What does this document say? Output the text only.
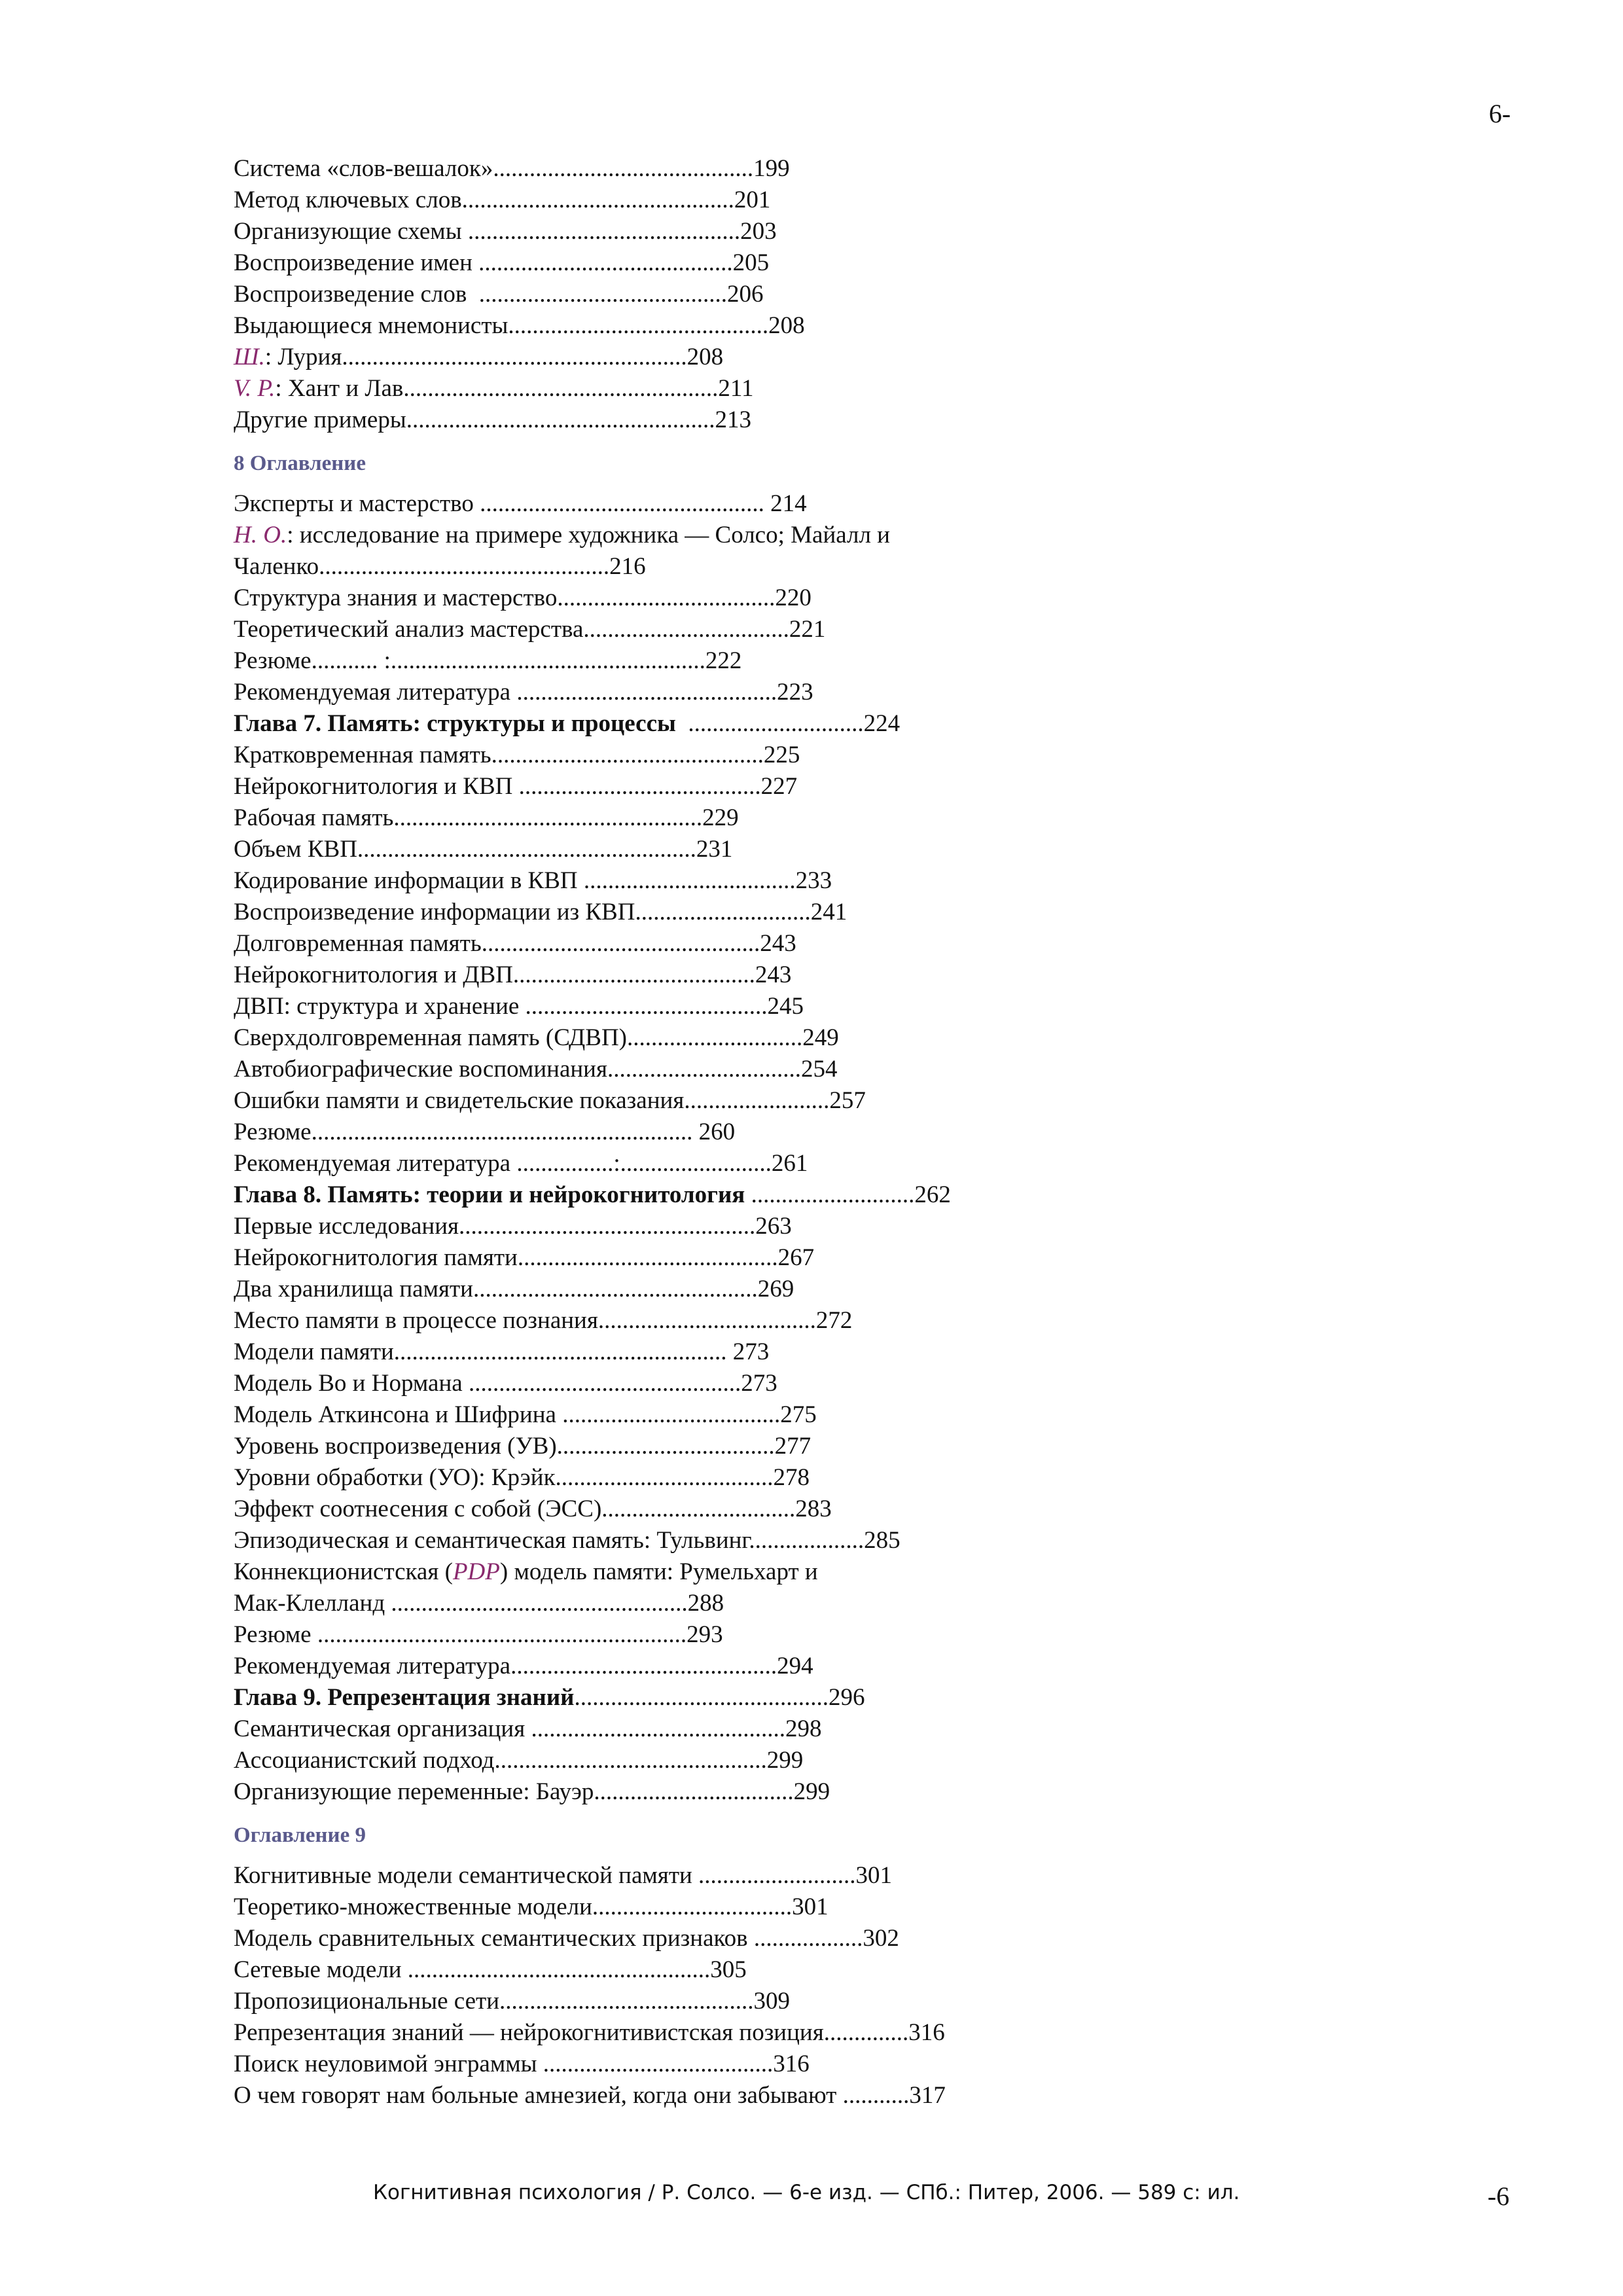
6-
Система «слов-вешалок»...........................................199
Метод ключевых слов.............................................201
Организующие схемы .............................................203
Воспроизведение имен ..........................................205
Воспроизведение слов  .........................................206
Выдающиеся мнемонисты...........................................208
Ш.: Лурия.........................................................208
V. P.: Хант и Лав....................................................211
Другие примеры...................................................213
8 Оглавление
Эксперты и мастерство ............................................... 214
Н. О.: исследование на примере художника — Солсо; Майалл и
Чаленко................................................216
Структура знания и мастерство....................................220
Теоретический анализ мастерства..................................221
Резюме........... :....................................................222
Рекомендуемая литература ...........................................223
Глава 7. Память: структуры и процессы  .............................224
Кратковременная память.............................................225
Нейрокогнитология и КВП ........................................227
Рабочая память...................................................229
Объем КВП........................................................231
Кодирование информации в КВП ...................................233
Воспроизведение информации из КВП.............................241
Долговременная память..............................................243
Нейрокогнитология и ДВП........................................243
ДВП: структура и хранение ........................................245
Сверхдолговременная память (СДВП).............................249
Автобиографические воспоминания................................254
Ошибки памяти и свидетельские показания........................257
Резюме............................................................... 260
Рекомендуемая литература ................:.........................261
Глава 8. Память: теории и нейрокогнитология ...........................262
Первые исследования.................................................263
Нейрокогнитология памяти...........................................267
Два хранилища памяти...............................................269
Место памяти в процессе познания....................................272
Модели памяти....................................................... 273
Модель Во и Нормана .............................................273
Модель Аткинсона и Шифрина ....................................275
Уровень воспроизведения (УВ)....................................277
Уровни обработки (УО): Крэйк....................................278
Эффект соотнесения с собой (ЭСС)................................283
Эпизодическая и семантическая память: Тульвинг...................285
Коннекционистская (PDP) модель памяти: Румельхарт и
Мак-Клелланд .................................................288
Резюме .............................................................293
Рекомендуемая литература............................................294
Глава 9. Репрезентация знаний..........................................296
Семантическая организация ..........................................298
Ассоцианистский подход.............................................299
Организующие переменные: Бауэр.................................299
Оглавление 9
Когнитивные модели семантической памяти ..........................301
Теоретико-множественные модели.................................301
Модель сравнительных семантических признаков ..................302
Сетевые модели ..................................................305
Пропозициональные сети..........................................309
Репрезентация знаний — нейрокогнитивистская позиция..............316
Поиск неуловимой энграммы ......................................316
О чем говорят нам больные амнезией, когда они забывают ...........317
Когнитивная психология / Р. Солсо. — 6-е изд. — СПб.: Питер, 2006. — 589 с: ил.	-6
